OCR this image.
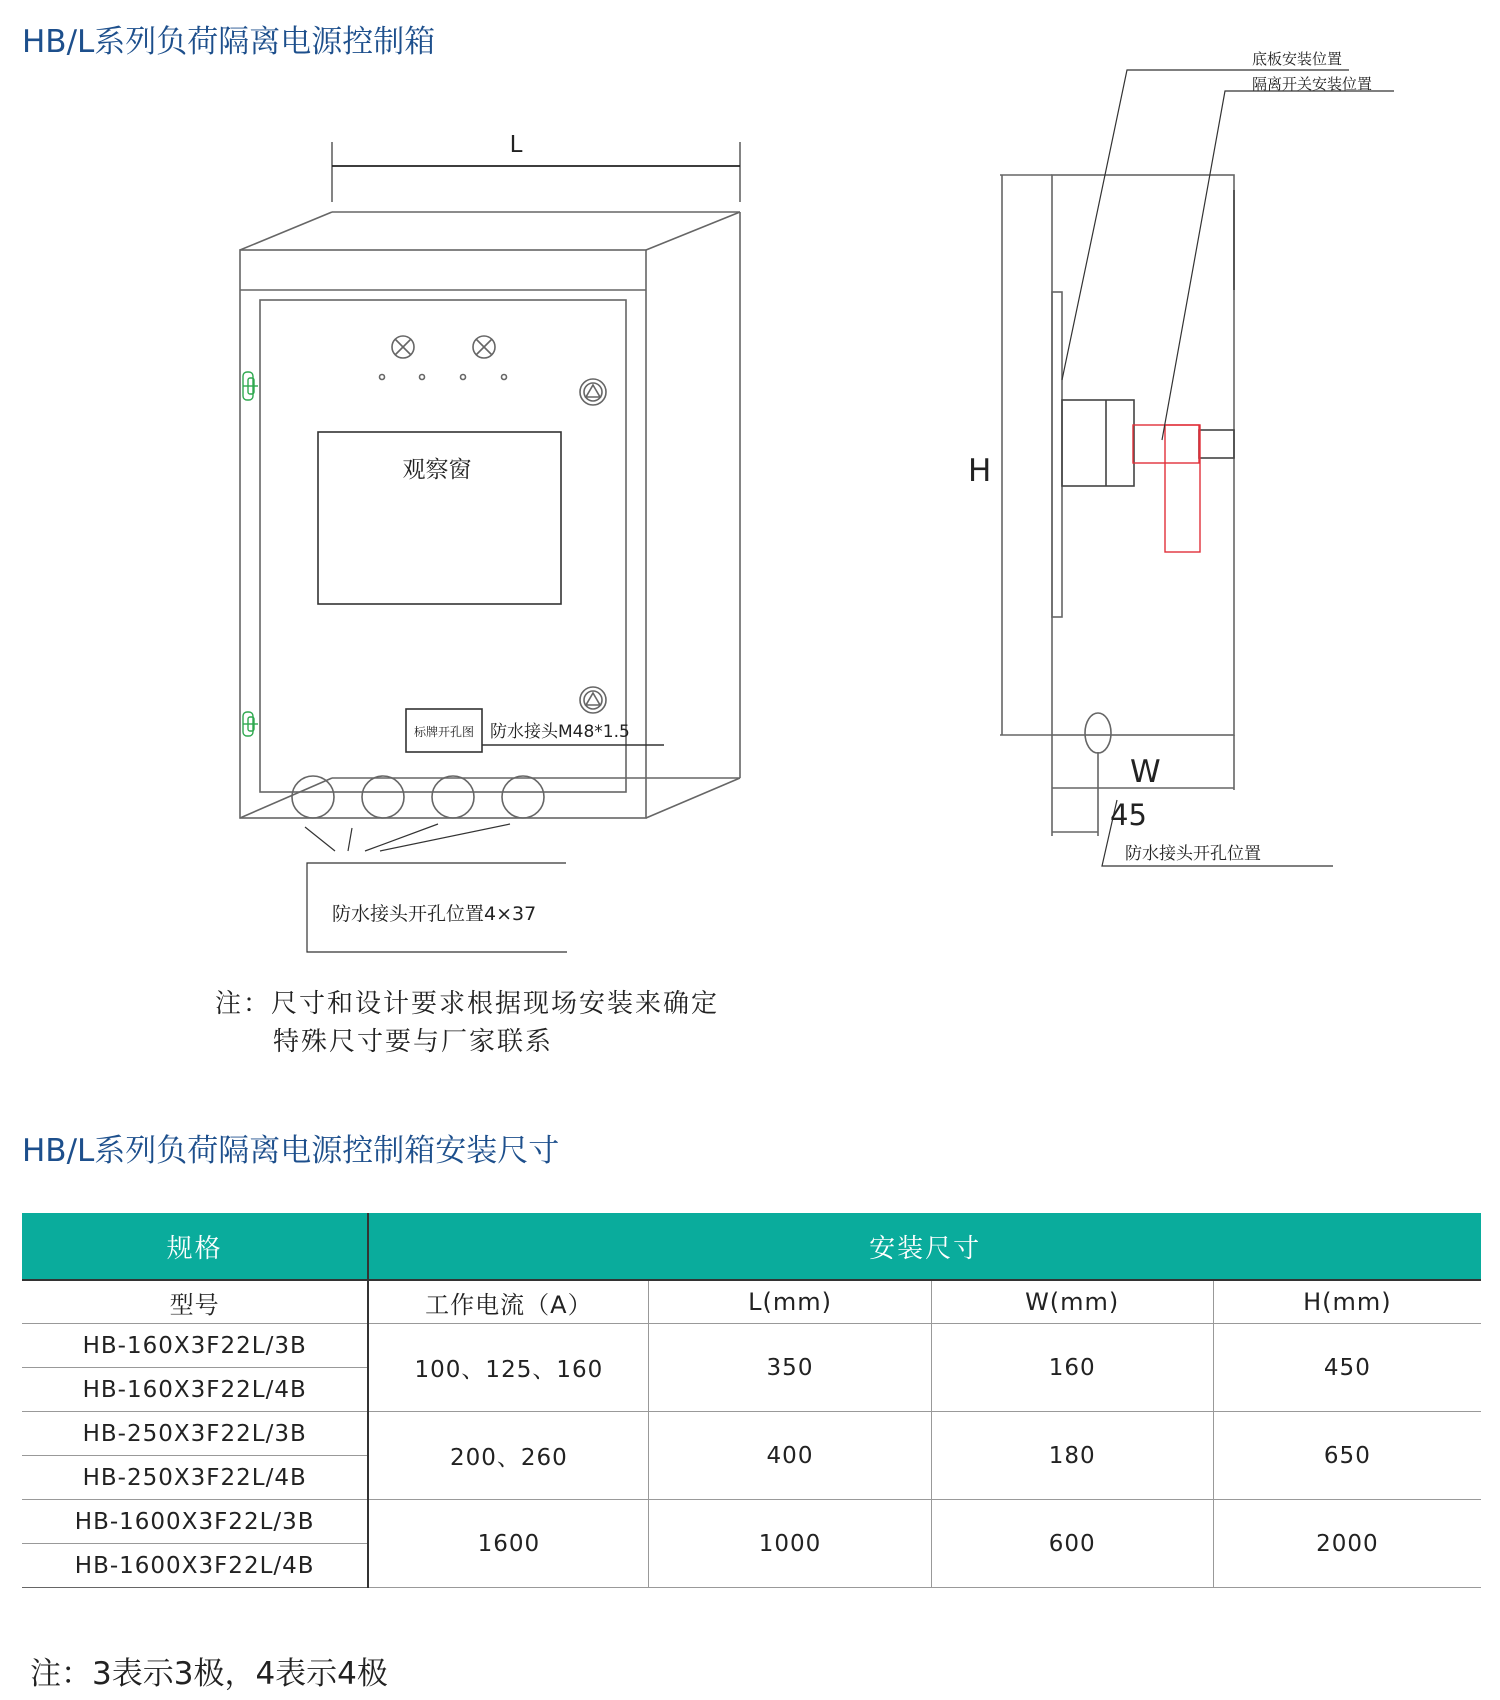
HB/L系列负荷隔离电源控制箱
L
观察窗
标牌开孔图 防水接头M48*1.5
防水接头开孔位置4×37
底板安装位置
隔离开关安装位置
H
W
45
防水接头开孔位置
注：尺寸和设计要求根据现场安装来确定
特殊尺寸要与厂家联系
HB/L系列负荷隔离电源控制箱安装尺寸
规格	安装尺寸			
型号	工作电流（A）	L(mm)	W(mm)	H(mm)
HB-160X3F22L/3B	100、125、160	350	160	450
HB-160X3F22L/4B				
HB-250X3F22L/3B	200、260	400	180	650
HB-250X3F22L/4B				
HB-1600X3F22L/3B	1600	1000	600	2000
HB-1600X3F22L/4B				
注：3表示3极，4表示4极
